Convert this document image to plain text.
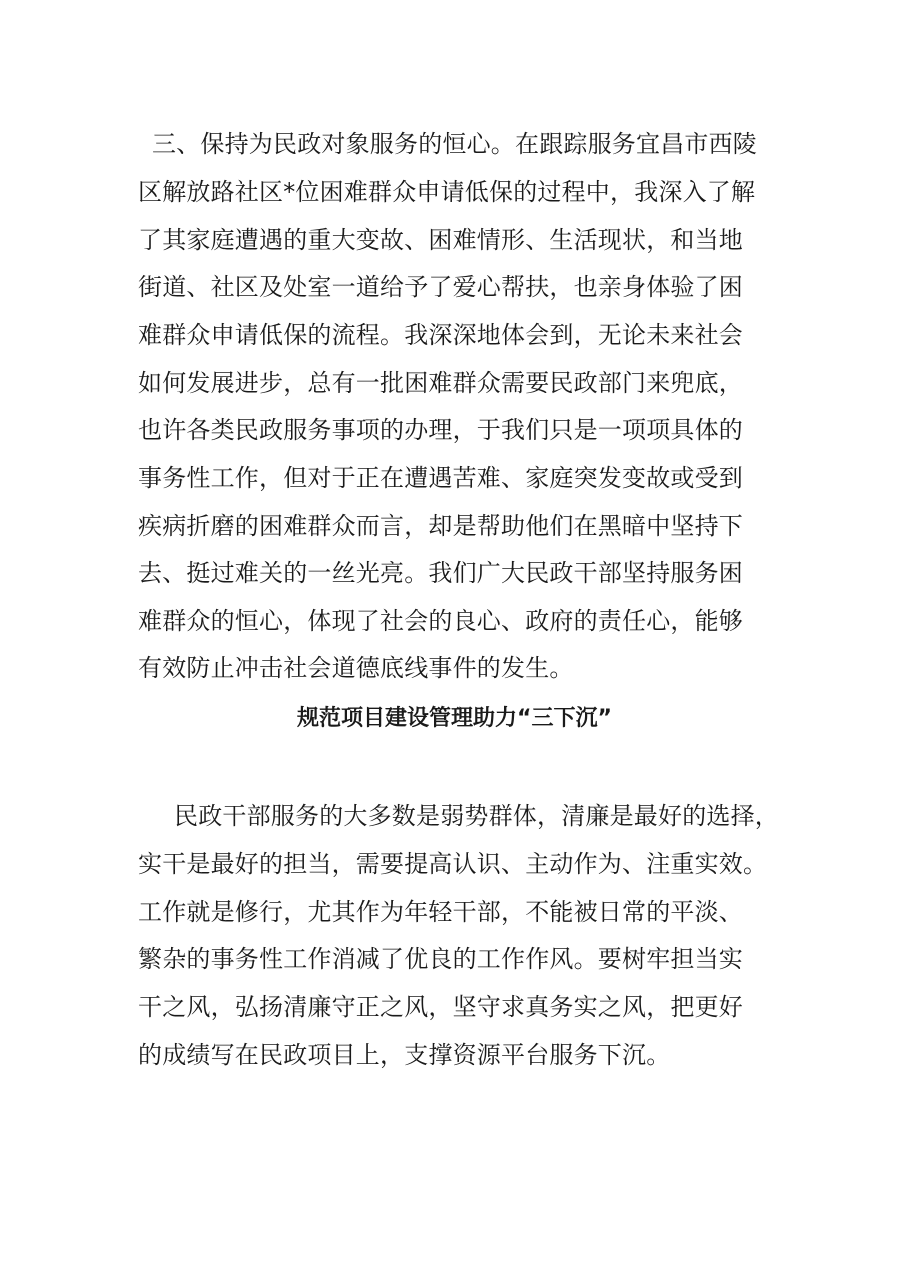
三、保持为民政对象服务的恒心。在跟踪服务宜昌市西陵
区解放路社区*位困难群众申请低保的过程中，我深入了解
了其家庭遭遇的重大变故、困难情形、生活现状，和当地
街道、社区及处室一道给予了爱心帮扶，也亲身体验了困
难群众申请低保的流程。我深深地体会到，无论未来社会
如何发展进步，总有一批困难群众需要民政部门来兜底，
也许各类民政服务事项的办理，于我们只是一项项具体的
事务性工作，但对于正在遭遇苦难、家庭突发变故或受到
疾病折磨的困难群众而言，却是帮助他们在黑暗中坚持下
去、挺过难关的一丝光亮。我们广大民政干部坚持服务困
难群众的恒心，体现了社会的良心、政府的责任心，能够
有效防止冲击社会道德底线事件的发生。
规范项目建设管理助力“三下沉”
民政干部服务的大多数是弱势群体，清廉是最好的选择，
实干是最好的担当，需要提高认识、主动作为、注重实效。
工作就是修行，尤其作为年轻干部，不能被日常的平淡、
繁杂的事务性工作消减了优良的工作作风。要树牢担当实
干之风，弘扬清廉守正之风，坚守求真务实之风，把更好
的成绩写在民政项目上，支撑资源平台服务下沉。
